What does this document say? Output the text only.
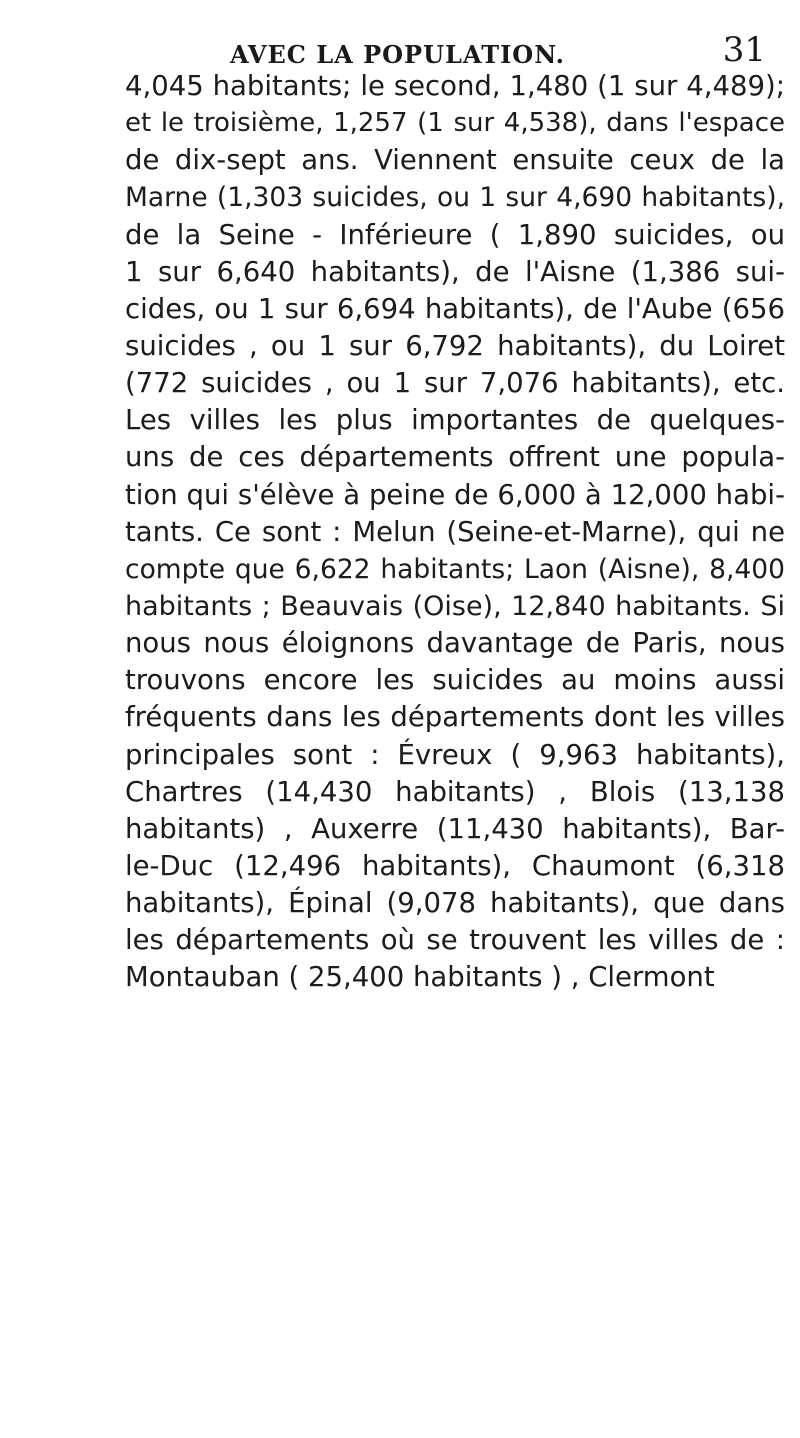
AVEC LA POPULATION.	31
4,045 habitants; le second, 1,480 (1 sur 4,489);
et le troisième, 1,257 (1 sur 4,538), dans l'espace
de dix-sept ans. Viennent ensuite ceux de la
Marne (1,303 suicides, ou 1 sur 4,690 habitants),
de la Seine - Inférieure ( 1,890 suicides, ou
1 sur 6,640 habitants), de l'Aisne (1,386 sui-
cides, ou 1 sur 6,694 habitants), de l'Aube (656
suicides , ou 1 sur 6,792 habitants), du Loiret
(772 suicides , ou 1 sur 7,076 habitants), etc.
Les villes les plus importantes de quelques-
uns de ces départements offrent une popula-
tion qui s'élève à peine de 6,000 à 12,000 habi-
tants. Ce sont : Melun (Seine-et-Marne), qui ne
compte que 6,622 habitants; Laon (Aisne), 8,400
habitants ; Beauvais (Oise), 12,840 habitants. Si
nous nous éloignons davantage de Paris, nous
trouvons encore les suicides au moins aussi
fréquents dans les départements dont les villes
principales sont : Évreux ( 9,963 habitants),
Chartres (14,430 habitants) , Blois (13,138
habitants) , Auxerre (11,430 habitants), Bar-
le-Duc (12,496 habitants), Chaumont (6,318
habitants), Épinal (9,078 habitants), que dans
les départements où se trouvent les villes de :
Montauban ( 25,400 habitants ) , Clermont
